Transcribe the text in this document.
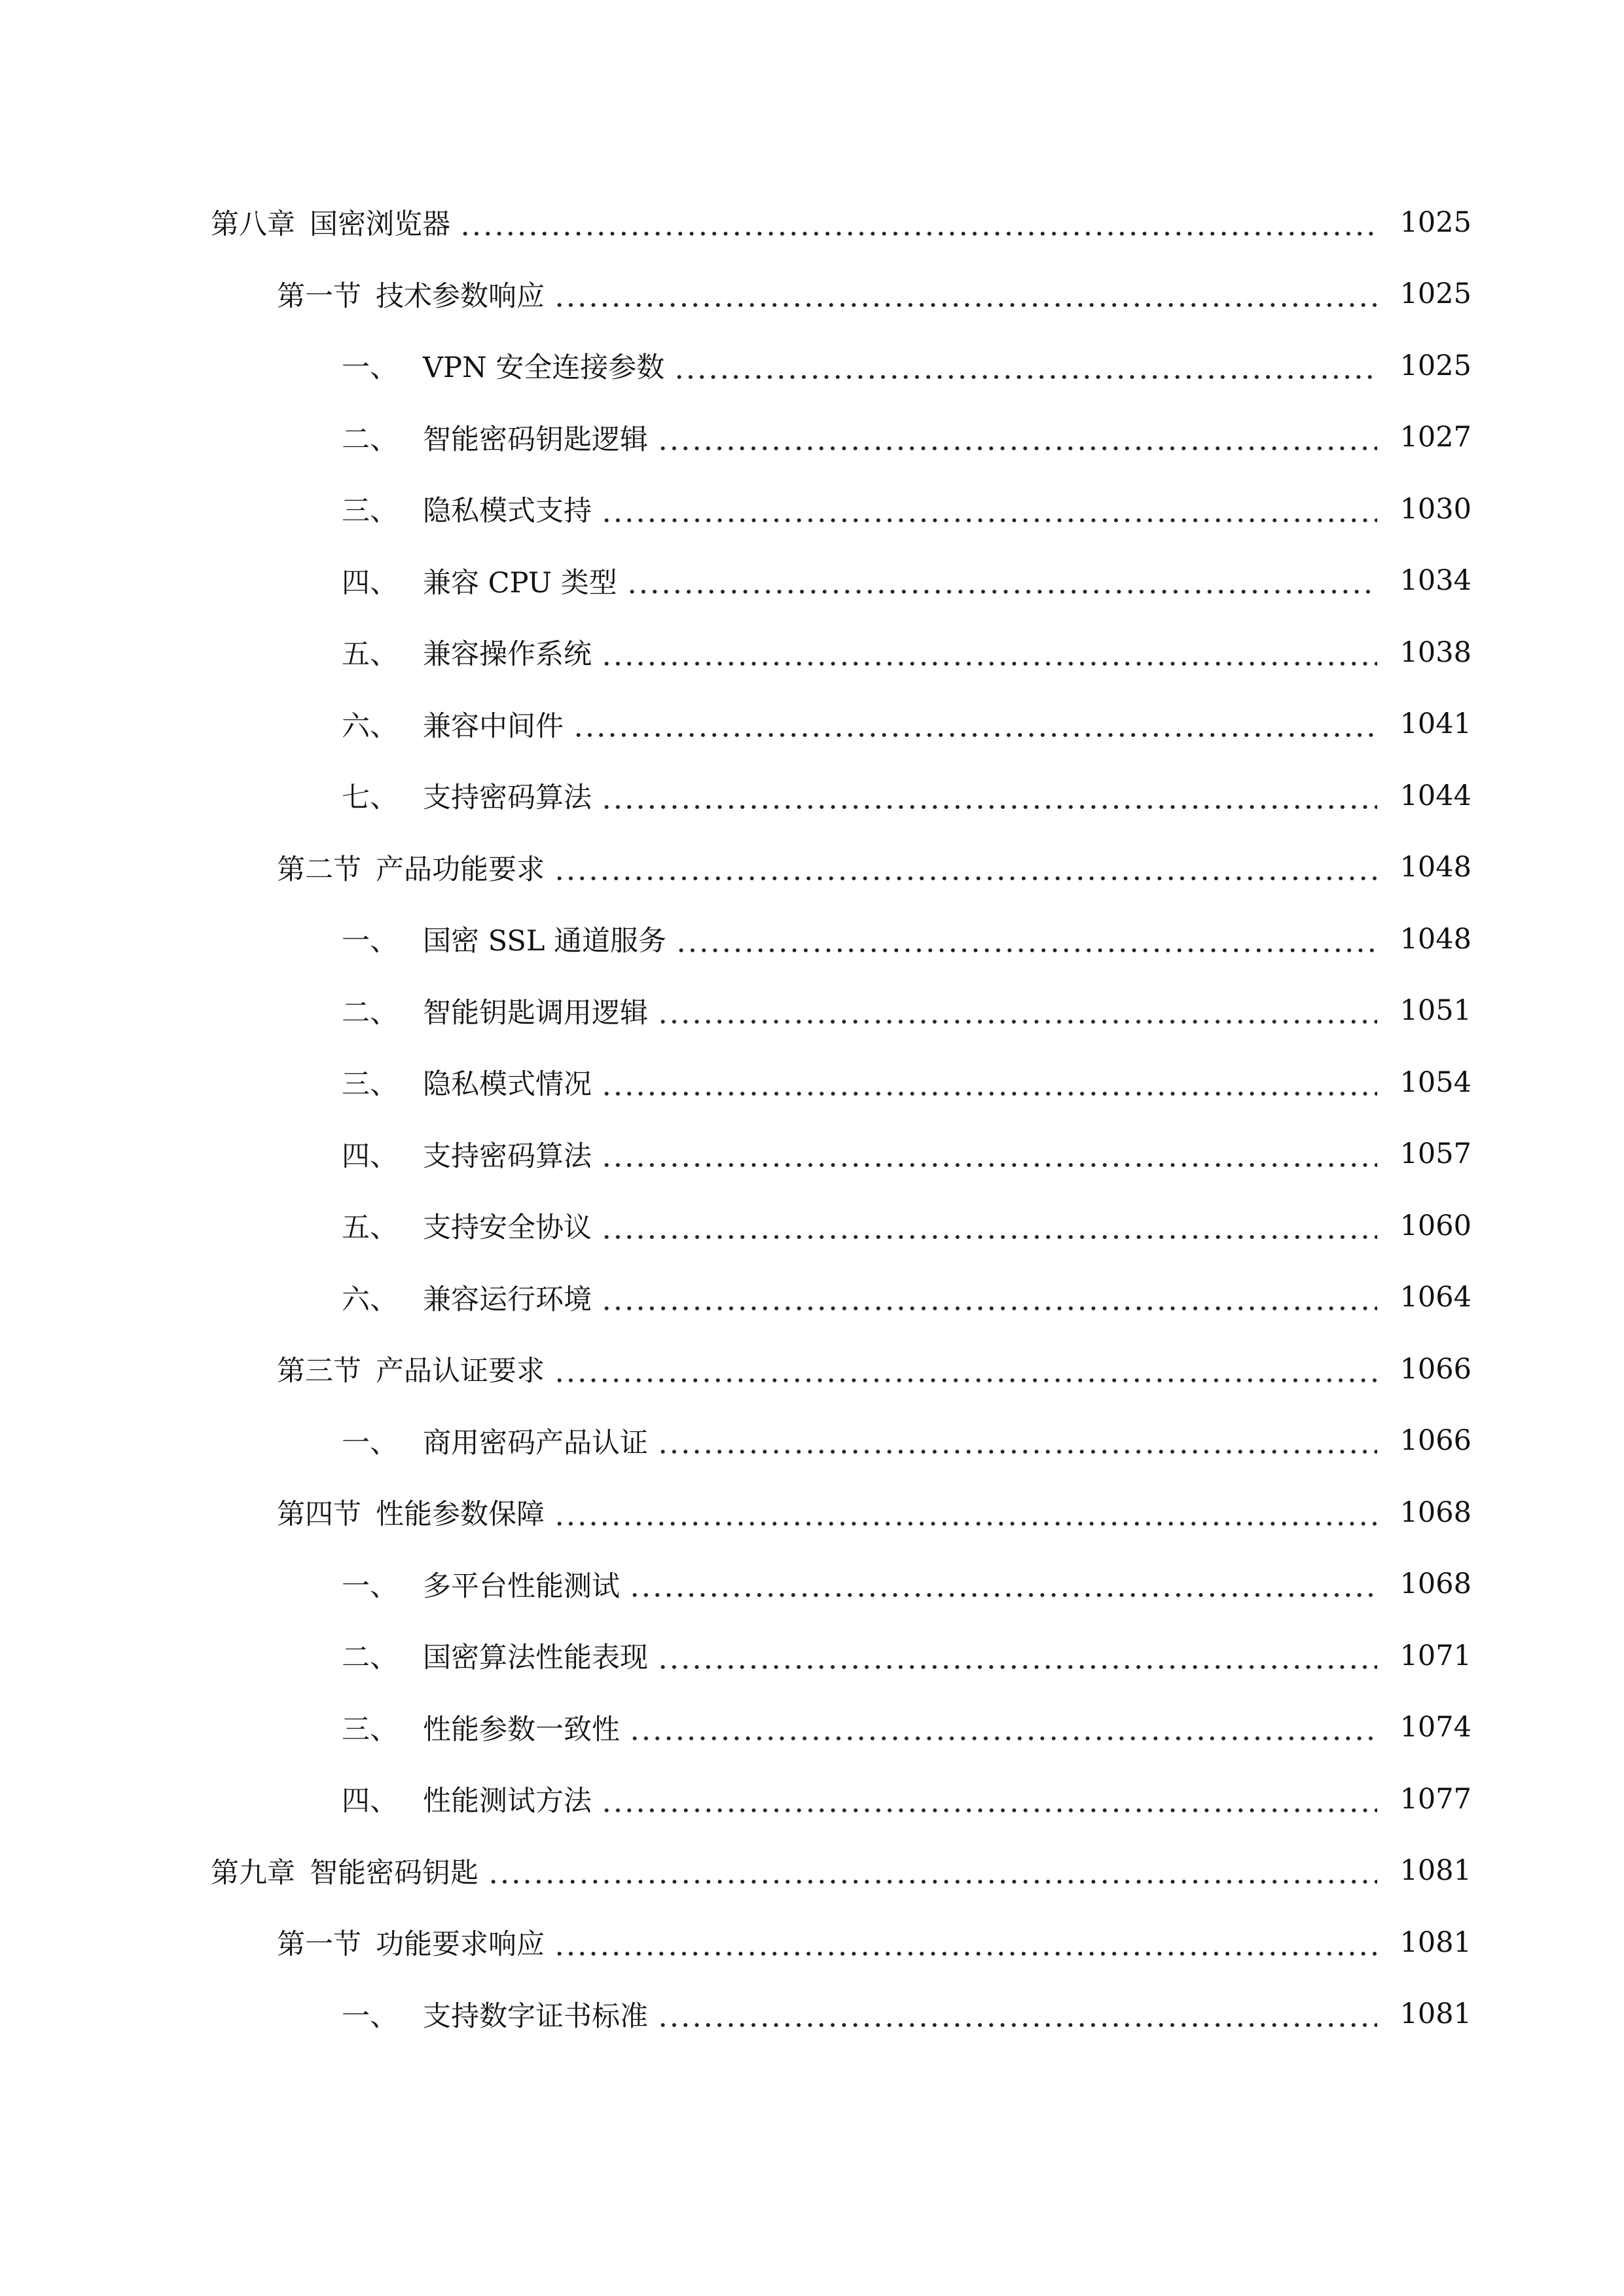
第八章 国密浏览器	1025
第一节 技术参数响应	1025
一、 VPN 安全连接参数	1025
二、 智能密码钥匙逻辑	1027
三、 隐私模式支持	1030
四、 兼容 CPU 类型	1034
五、 兼容操作系统	1038
六、 兼容中间件	1041
七、 支持密码算法	1044
第二节 产品功能要求	1048
一、 国密 SSL 通道服务	1048
二、 智能钥匙调用逻辑	1051
三、 隐私模式情况	1054
四、 支持密码算法	1057
五、 支持安全协议	1060
六、 兼容运行环境	1064
第三节 产品认证要求	1066
一、 商用密码产品认证	1066
第四节 性能参数保障	1068
一、 多平台性能测试	1068
二、 国密算法性能表现	1071
三、 性能参数一致性	1074
四、 性能测试方法	1077
第九章 智能密码钥匙	1081
第一节 功能要求响应	1081
一、 支持数字证书标准	1081
